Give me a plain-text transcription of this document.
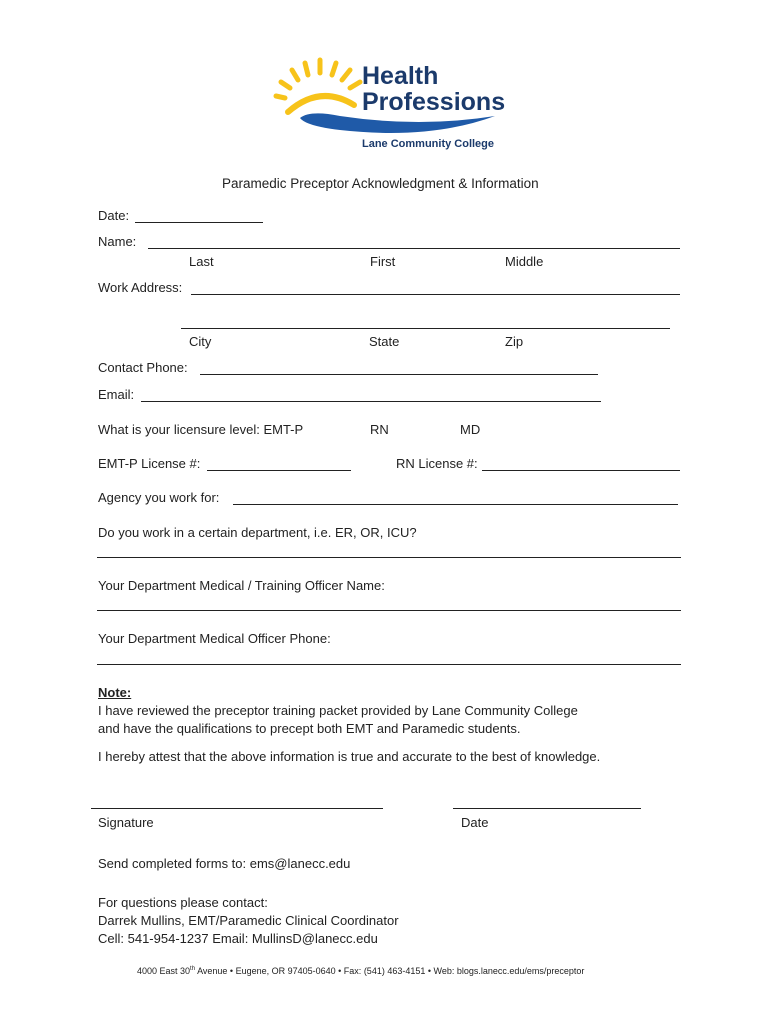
Health
Professions
Lane Community College
Paramedic Preceptor Acknowledgment & Information
Date:
Name:
Last	First	Middle
Work Address:
City	State	Zip
Contact Phone:
Email:
What is your licensure level: EMT-P	RN	MD
EMT-P License #:	RN License #:
Agency you work for:
Do you work in a certain department, i.e. ER, OR, ICU?
Your Department Medical / Training Officer Name:
Your Department Medical Officer Phone:
Note:
I have reviewed the preceptor training packet provided by Lane Community College
and have the qualifications to precept both EMT and Paramedic students.
I hereby attest that the above information is true and accurate to the best of knowledge.
Signature	Date
Send completed forms to: ems@lanecc.edu
For questions please contact:
Darrek Mullins, EMT/Paramedic Clinical Coordinator
Cell: 541-954-1237 Email: MullinsD@lanecc.edu
4000 East 30th Avenue • Eugene, OR 97405-0640 • Fax: (541) 463-4151 • Web: blogs.lanecc.edu/ems/preceptor
